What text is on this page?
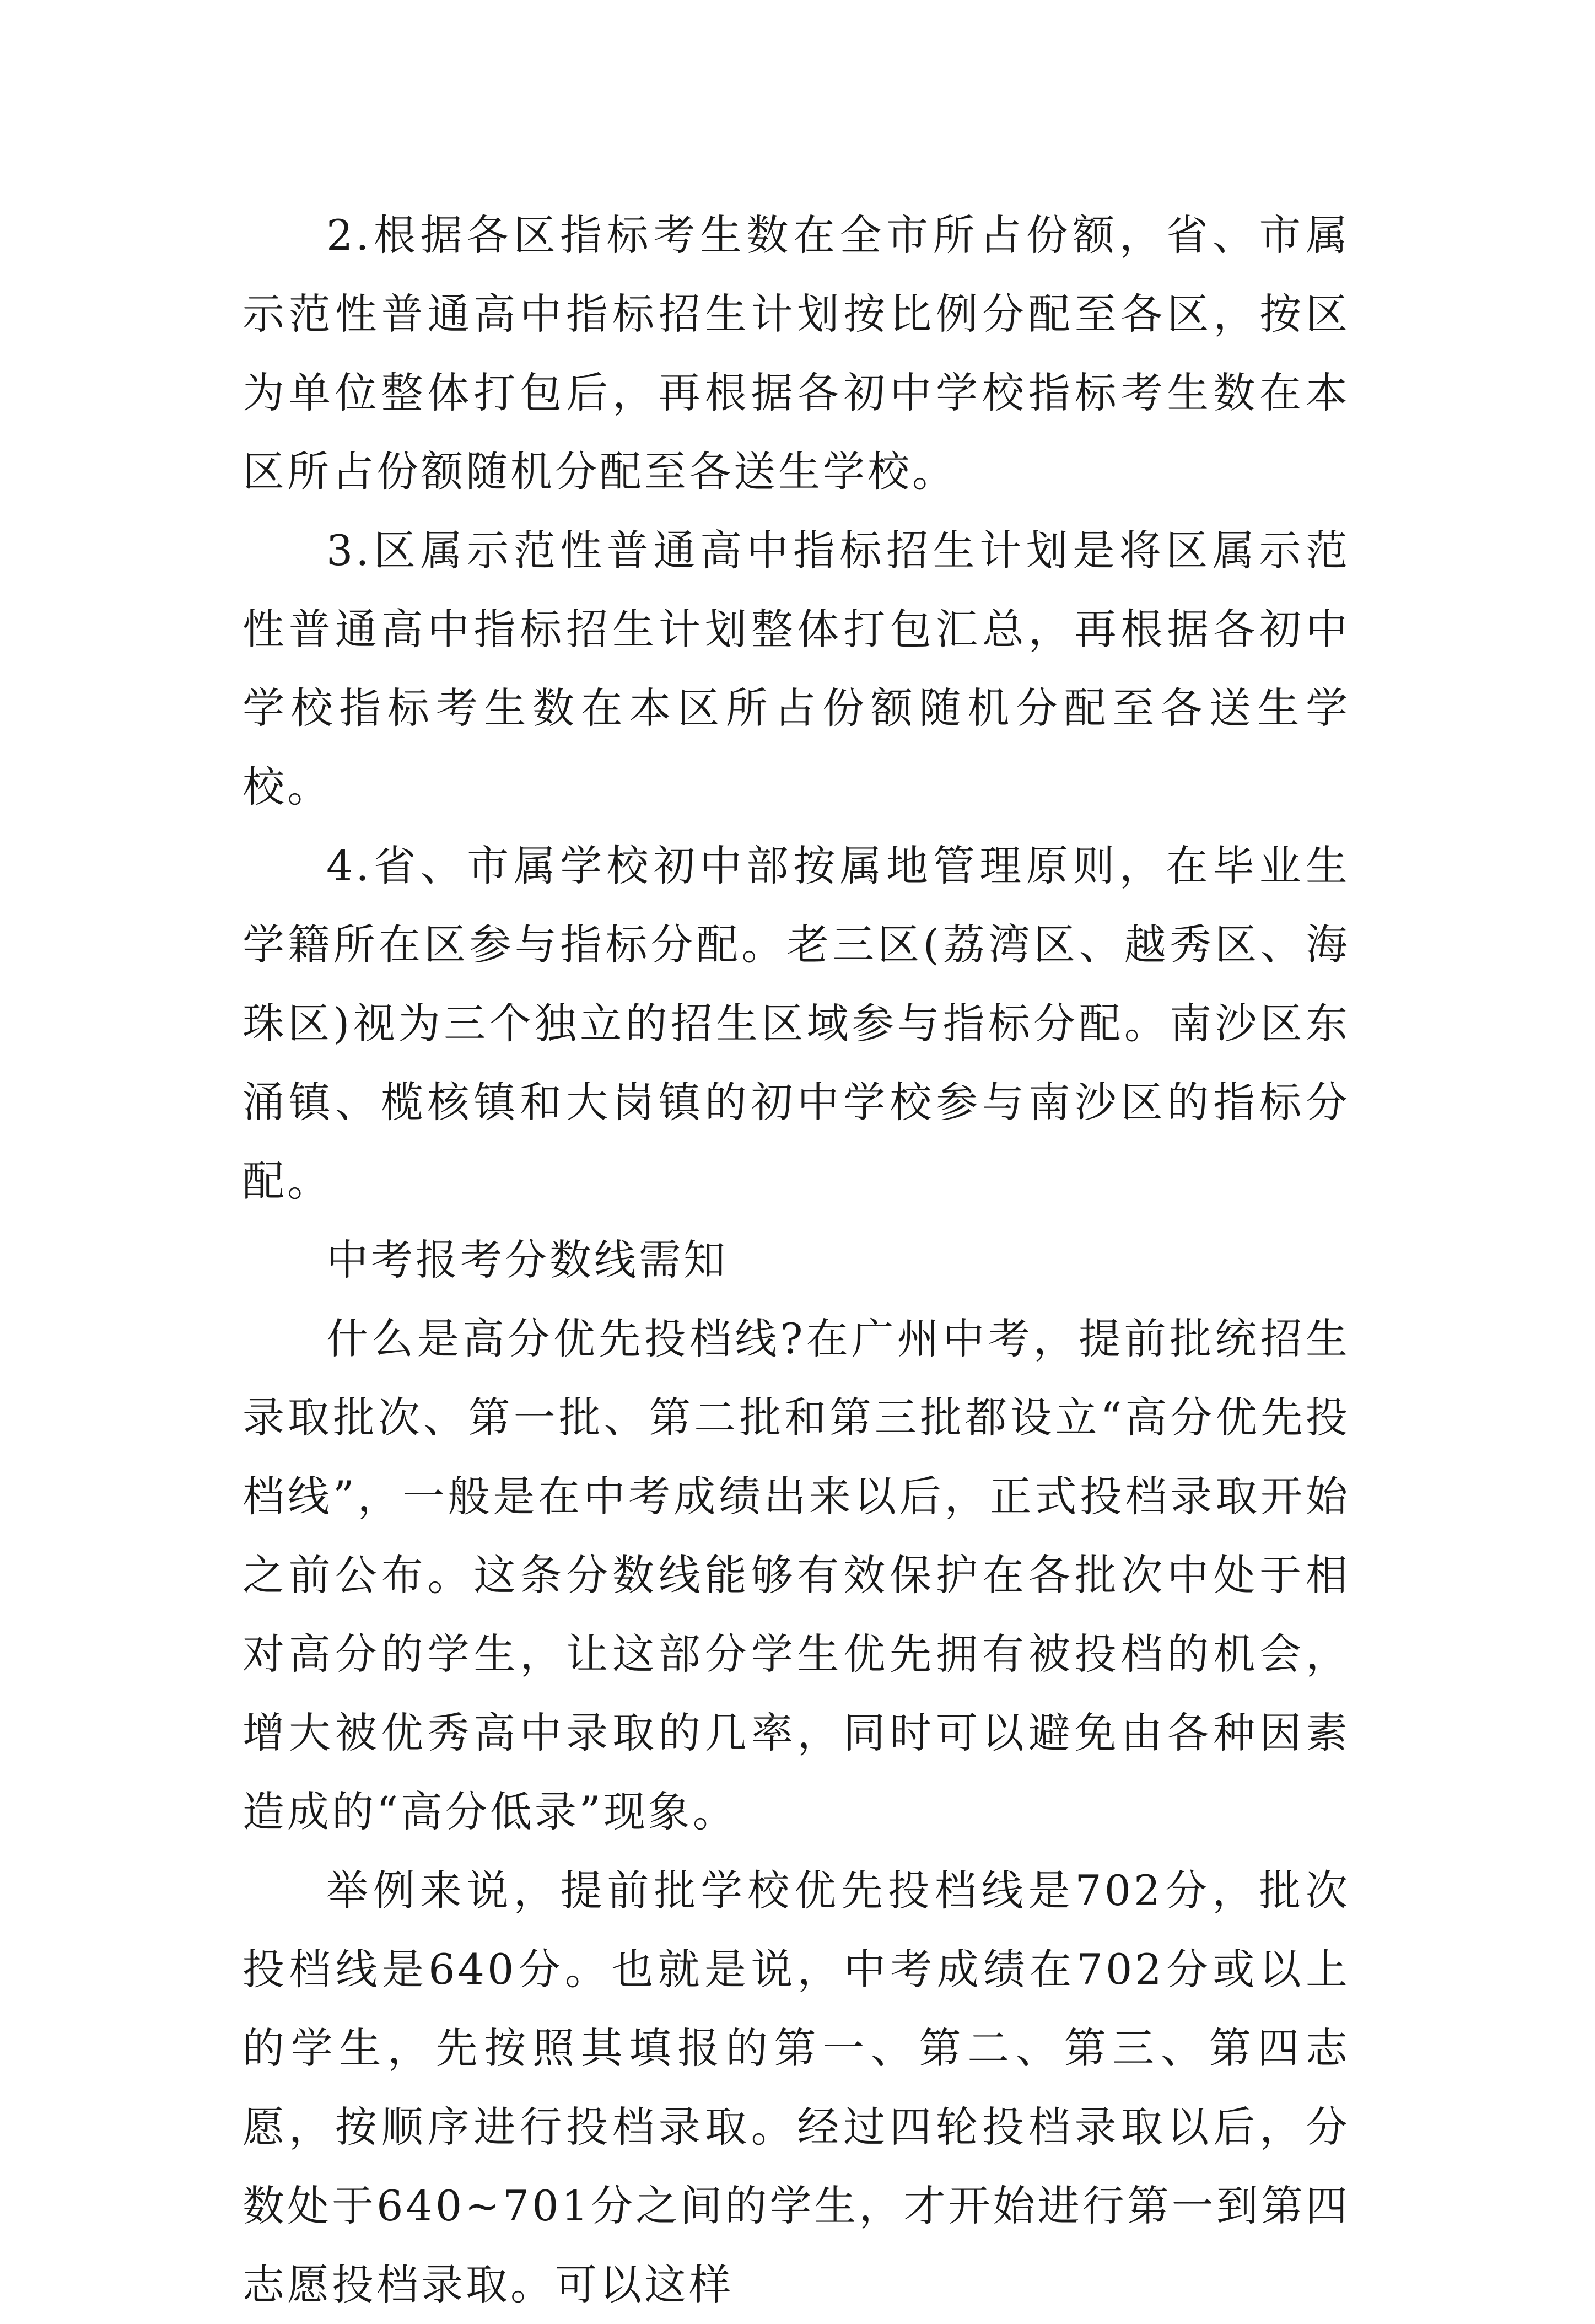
2.根据各区指标考生数在全市所占份额，省、市属示范性普通高中指标招生计划按比例分配至各区，按区为单位整体打包后，再根据各初中学校指标考生数在本区所占份额随机分配至各送生学校。

3.区属示范性普通高中指标招生计划是将区属示范性普通高中指标招生计划整体打包汇总，再根据各初中学校指标考生数在本区所占份额随机分配至各送生学校。

4.省、市属学校初中部按属地管理原则，在毕业生学籍所在区参与指标分配。老三区(荔湾区、越秀区、海珠区)视为三个独立的招生区域参与指标分配。南沙区东涌镇、榄核镇和大岗镇的初中学校参与南沙区的指标分配。

中考报考分数线需知

什么是高分优先投档线?在广州中考，提前批统招生录取批次、第一批、第二批和第三批都设立“高分优先投档线”，一般是在中考成绩出来以后，正式投档录取开始之前公布。这条分数线能够有效保护在各批次中处于相对高分的学生，让这部分学生优先拥有被投档的机会，增大被优秀高中录取的几率，同时可以避免由各种因素造成的“高分低录”现象。

举例来说，提前批学校优先投档线是702分，批次投档线是640分。也就是说，中考成绩在702分或以上的学生，先按照其填报的第一、第二、第三、第四志愿，按顺序进行投档录取。经过四轮投档录取以后，分数处于640~701分之间的学生，才开始进行第一到第四志愿投档录取。可以这样
